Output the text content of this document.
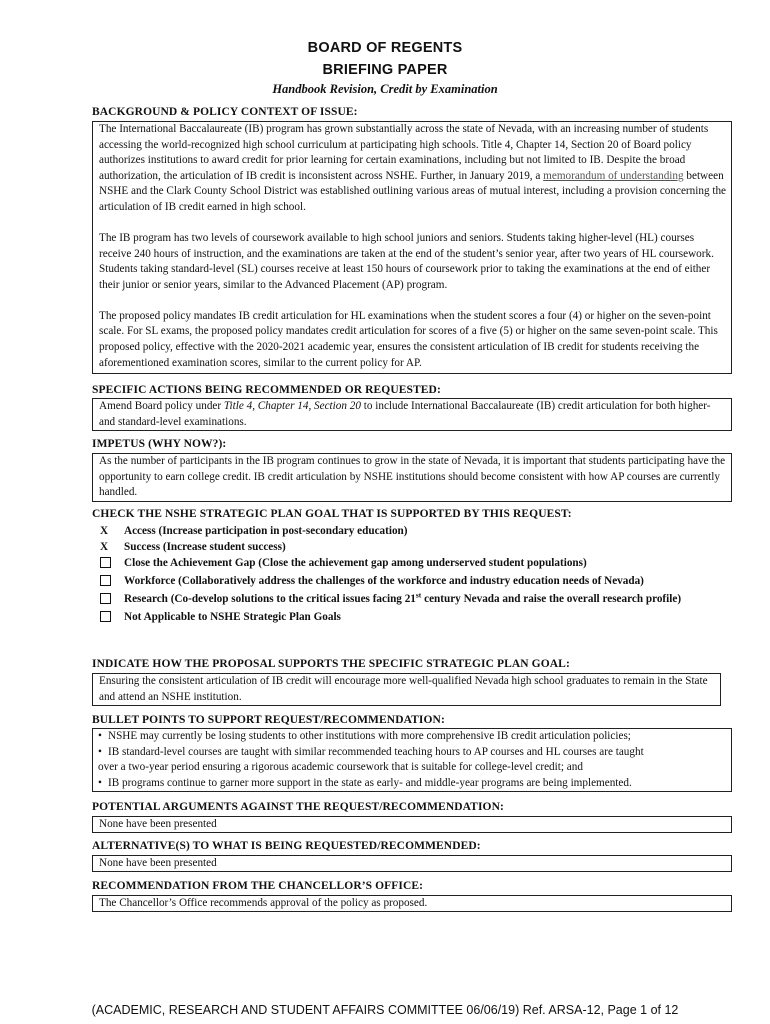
BOARD OF REGENTS
BRIEFING PAPER
Handbook Revision, Credit by Examination
BACKGROUND & POLICY CONTEXT OF ISSUE:

The International Baccalaureate (IB) program has grown substantially across the state of Nevada, with an increasing number of students accessing the world-recognized high school curriculum at participating high schools. Title 4, Chapter 14, Section 20 of Board policy authorizes institutions to award credit for prior learning for certain examinations, including but not limited to IB. Despite the broad authorization, the articulation of IB credit is inconsistent across NSHE. Further, in January 2019, a memorandum of understanding between NSHE and the Clark County School District was established outlining various areas of mutual interest, including a provision concerning the articulation of IB credit earned in high school.

The IB program has two levels of coursework available to high school juniors and seniors. Students taking higher-level (HL) courses receive 240 hours of instruction, and the examinations are taken at the end of the student’s senior year, after two years of HL coursework. Students taking standard-level (SL) courses receive at least 150 hours of coursework prior to taking the examinations at the end of either their junior or senior years, similar to the Advanced Placement (AP) program.

The proposed policy mandates IB credit articulation for HL examinations when the student scores a four (4) or higher on the seven-point scale. For SL exams, the proposed policy mandates credit articulation for scores of a five (5) or higher on the same seven-point scale. This proposed policy, effective with the 2020-2021 academic year, ensures the consistent articulation of IB credit for students receiving the aforementioned examination scores, similar to the current policy for AP.

SPECIFIC ACTIONS BEING RECOMMENDED OR REQUESTED:

Amend Board policy under Title 4, Chapter 14, Section 20 to include International Baccalaureate (IB) credit articulation for both higher- and standard-level examinations.

IMPETUS (WHY NOW?):

As the number of participants in the IB program continues to grow in the state of Nevada, it is important that students participating have the opportunity to earn college credit. IB credit articulation by NSHE institutions should become consistent with how AP courses are currently handled.

CHECK THE NSHE STRATEGIC PLAN GOAL THAT IS SUPPORTED BY THIS REQUEST:
X	Access (Increase participation in post-secondary education)
X	Success (Increase student success)
Close the Achievement Gap (Close the achievement gap among underserved student populations)
Workforce (Collaboratively address the challenges of the workforce and industry education needs of Nevada)
Research (Co-develop solutions to the critical issues facing 21st century Nevada and raise the overall research profile)
Not Applicable to NSHE Strategic Plan Goals
INDICATE HOW THE PROPOSAL SUPPORTS THE SPECIFIC STRATEGIC PLAN GOAL:

Ensuring the consistent articulation of IB credit will encourage more well-qualified Nevada high school graduates to remain in the State and attend an NSHE institution.

BULLET POINTS TO SUPPORT REQUEST/RECOMMENDATION:
• NSHE may currently be losing students to other institutions with more comprehensive IB credit articulation policies;
• IB standard-level courses are taught with similar recommended teaching hours to AP courses and HL courses are taught
over a two-year period ensuring a rigorous academic coursework that is suitable for college-level credit; and
• IB programs continue to garner more support in the state as early- and middle-year programs are being implemented.
POTENTIAL ARGUMENTS AGAINST THE REQUEST/RECOMMENDATION:

None have been presented

ALTERNATIVE(S) TO WHAT IS BEING REQUESTED/RECOMMENDED:

None have been presented

RECOMMENDATION FROM THE CHANCELLOR’S OFFICE:

The Chancellor’s Office recommends approval of the policy as proposed.

(ACADEMIC, RESEARCH AND STUDENT AFFAIRS COMMITTEE 06/06/19) Ref. ARSA-12, Page 1 of 12
